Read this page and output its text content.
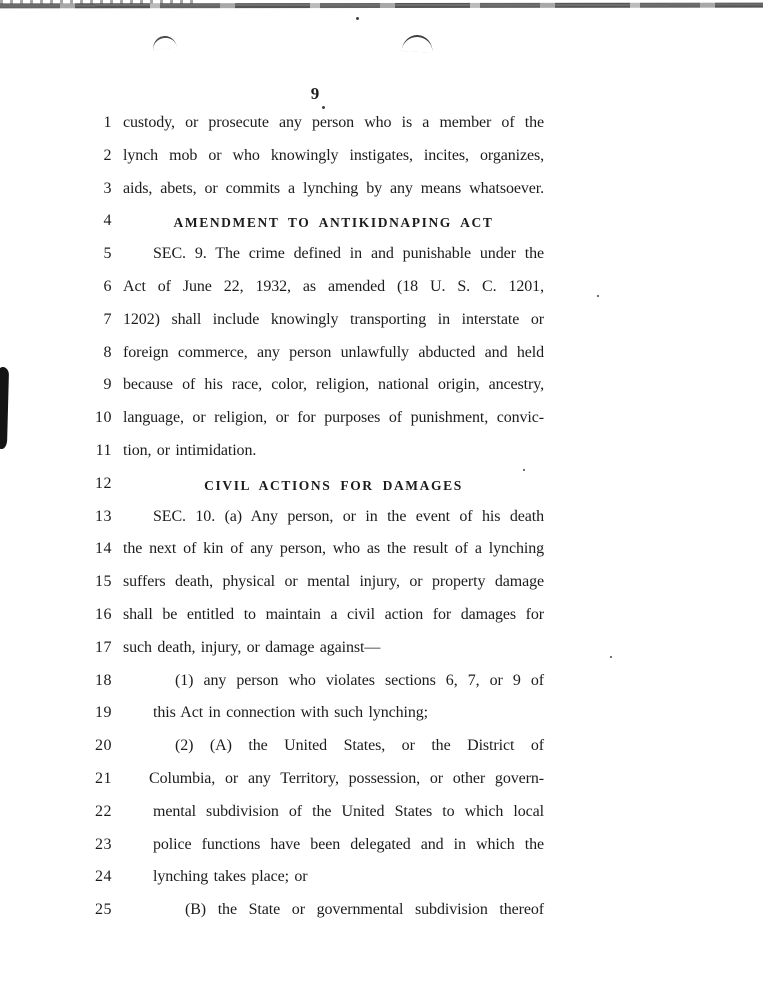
9
1 custody, or prosecute any person who is a member of the
2 lynch mob or who knowingly instigates, incites, organizes,
3 aids, abets, or commits a lynching by any means whatsoever.
4	AMENDMENT TO ANTIKIDNAPING ACT
5	SEC. 9. The crime defined in and punishable under the
6 Act of June 22, 1932, as amended (18 U. S. C. 1201,
7 1202) shall include knowingly transporting in interstate or
8 foreign commerce, any person unlawfully abducted and held
9 because of his race, color, religion, national origin, ancestry,
10 language, or religion, or for purposes of punishment, convic-
11 tion, or intimidation.
12	CIVIL ACTIONS FOR DAMAGES
13	SEC. 10. (a) Any person, or in the event of his death
14 the next of kin of any person, who as the result of a lynching
15 suffers death, physical or mental injury, or property damage
16 shall be entitled to maintain a civil action for damages for
17 such death, injury, or damage against—
18	(1) any person who violates sections 6, 7, or 9 of
19	this Act in connection with such lynching;
20	(2) (A) the United States, or the District of
21	Columbia, or any Territory, possession, or other govern-
22	mental subdivision of the United States to which local
23	police functions have been delegated and in which the
24	lynching takes place; or
25	(B) the State or governmental subdivision thereof
